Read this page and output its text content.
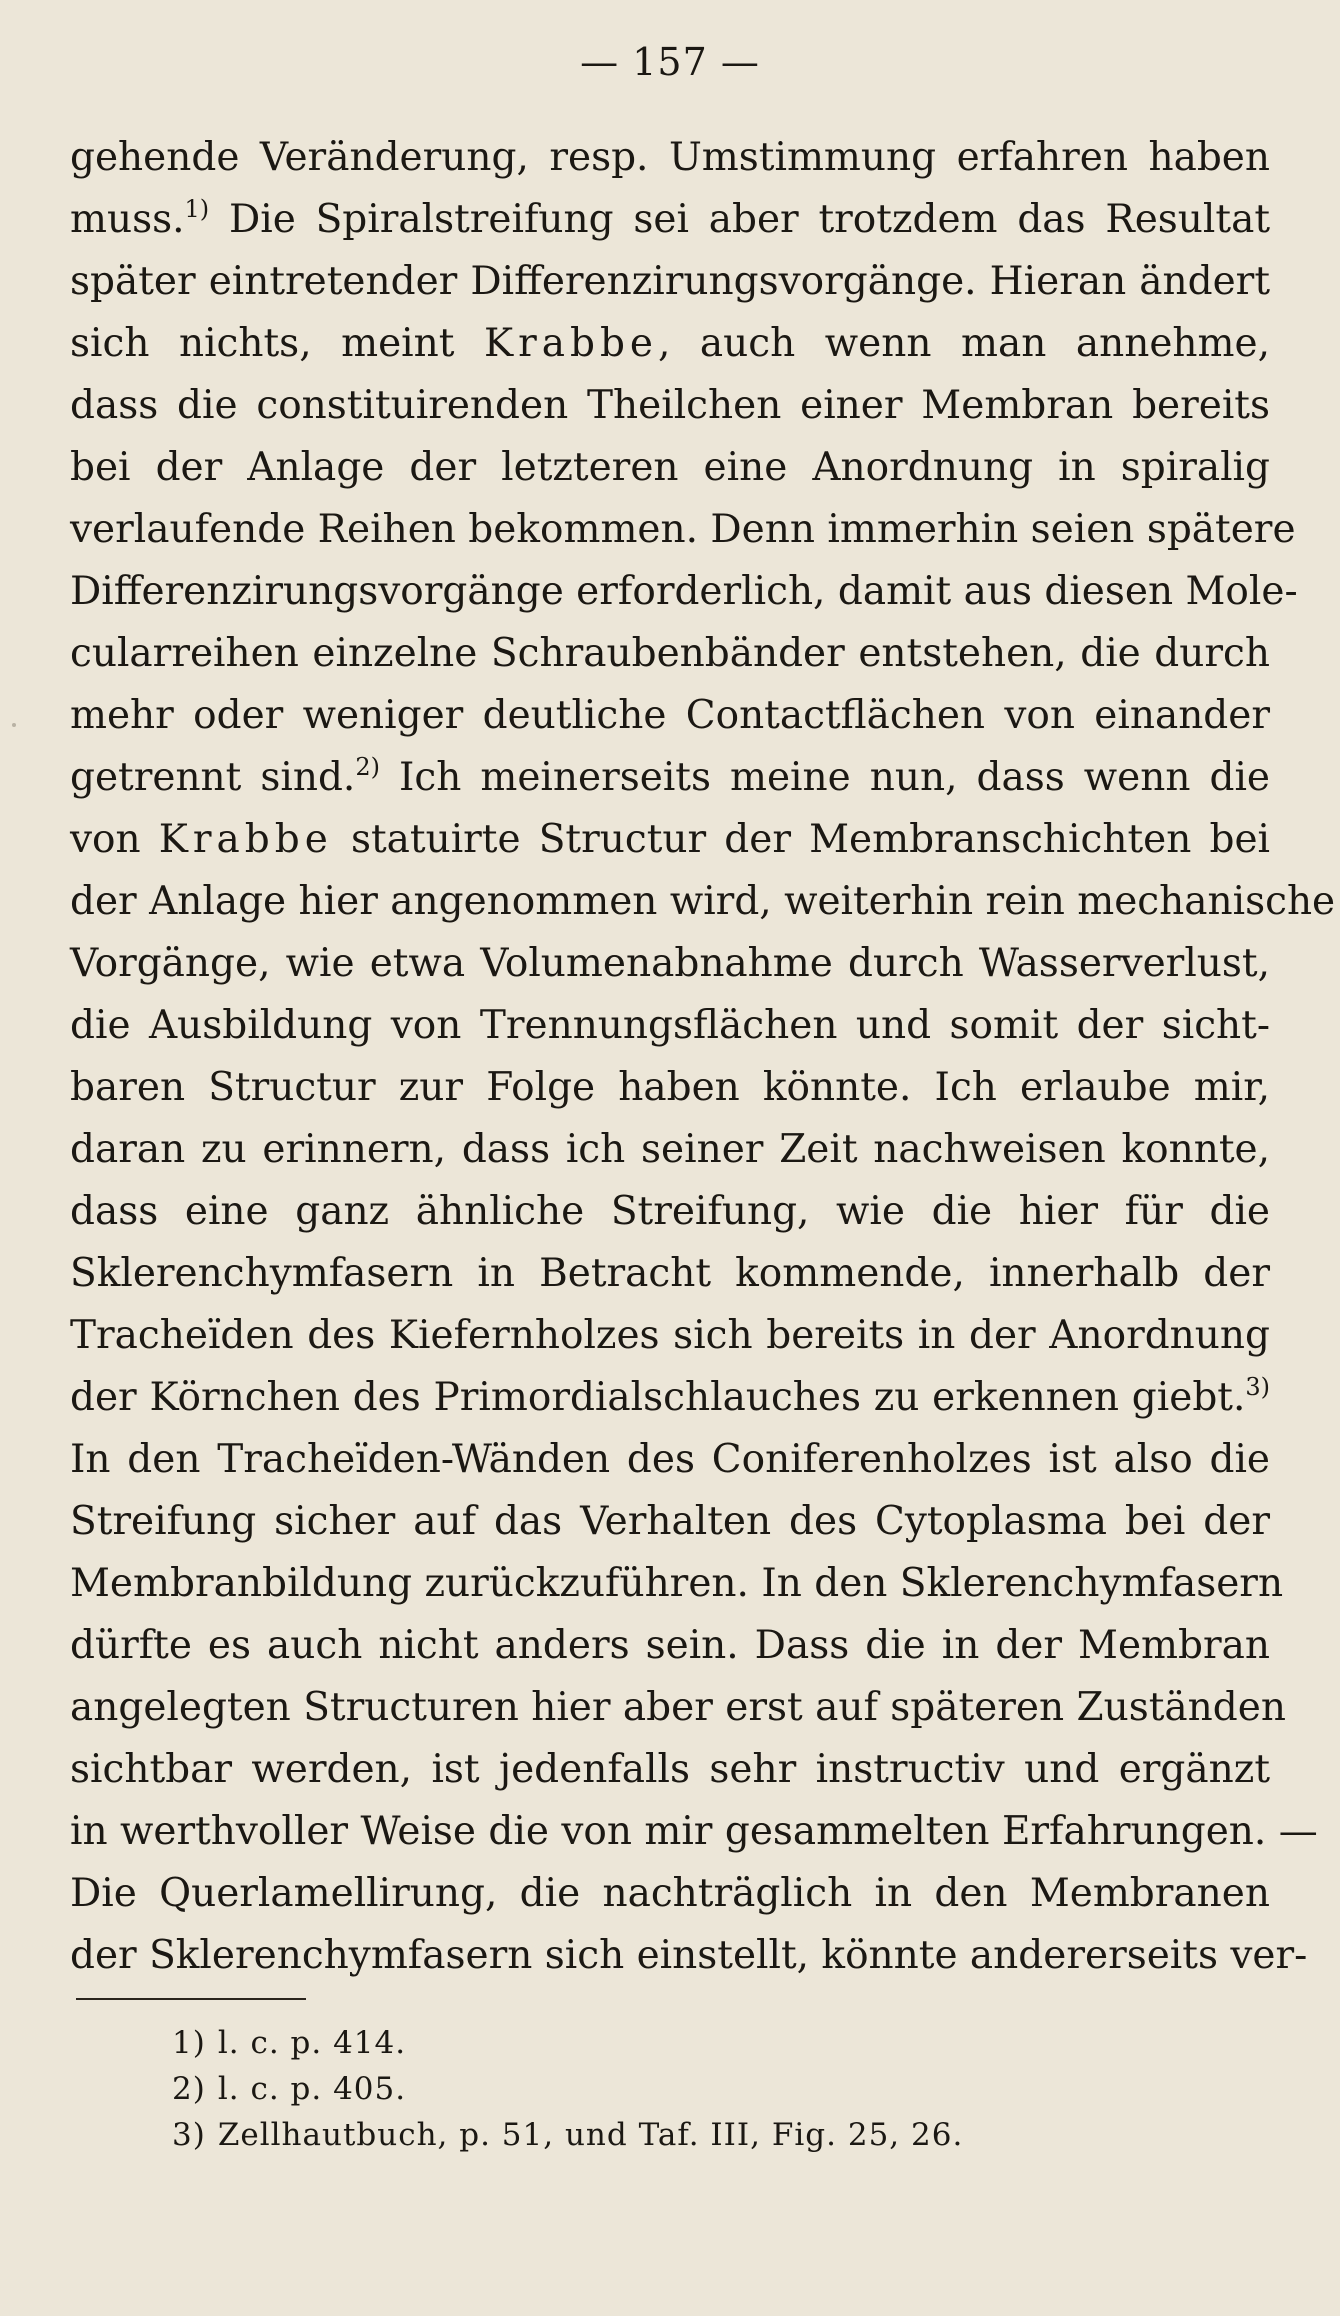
— 157 —
gehende Veränderung, resp. Umstimmung erfahren haben
muss.$^{1)}$ Die Spiralstreifung sei aber trotzdem das Resultat
später eintretender Differenzirungsvorgänge. Hieran ändert
sich nichts, meint Krabbe, auch wenn man annehme,
dass die constituirenden Theilchen einer Membran bereits
bei der Anlage der letzteren eine Anordnung in spiralig
verlaufende Reihen bekommen. Denn immerhin seien spätere
Differenzirungsvorgänge erforderlich, damit aus diesen Mole-
cularreihen einzelne Schraubenbänder entstehen, die durch
mehr oder weniger deutliche Contactflächen von einander
getrennt sind.$^{2)}$ Ich meinerseits meine nun, dass wenn die
von Krabbe statuirte Structur der Membranschichten bei
der Anlage hier angenommen wird, weiterhin rein mechanische
Vorgänge, wie etwa Volumenabnahme durch Wasserverlust,
die Ausbildung von Trennungsflächen und somit der sicht-
baren Structur zur Folge haben könnte. Ich erlaube mir,
daran zu erinnern, dass ich seiner Zeit nachweisen konnte,
dass eine ganz ähnliche Streifung, wie die hier für die
Sklerenchymfasern in Betracht kommende, innerhalb der
Tracheïden des Kiefernholzes sich bereits in der Anordnung
der Körnchen des Primordialschlauches zu erkennen giebt.$^{3)}$
In den Tracheïden-Wänden des Coniferenholzes ist also die
Streifung sicher auf das Verhalten des Cytoplasma bei der
Membranbildung zurückzuführen. In den Sklerenchymfasern
dürfte es auch nicht anders sein. Dass die in der Membran
angelegten Structuren hier aber erst auf späteren Zuständen
sichtbar werden, ist jedenfalls sehr instructiv und ergänzt
in werthvoller Weise die von mir gesammelten Erfahrungen. —
Die Querlamellirung, die nachträglich in den Membranen
der Sklerenchymfasern sich einstellt, könnte andererseits ver-
1) l. c. p. 414.
2) l. c. p. 405.
3) Zellhautbuch, p. 51, und Taf. III, Fig. 25, 26.
